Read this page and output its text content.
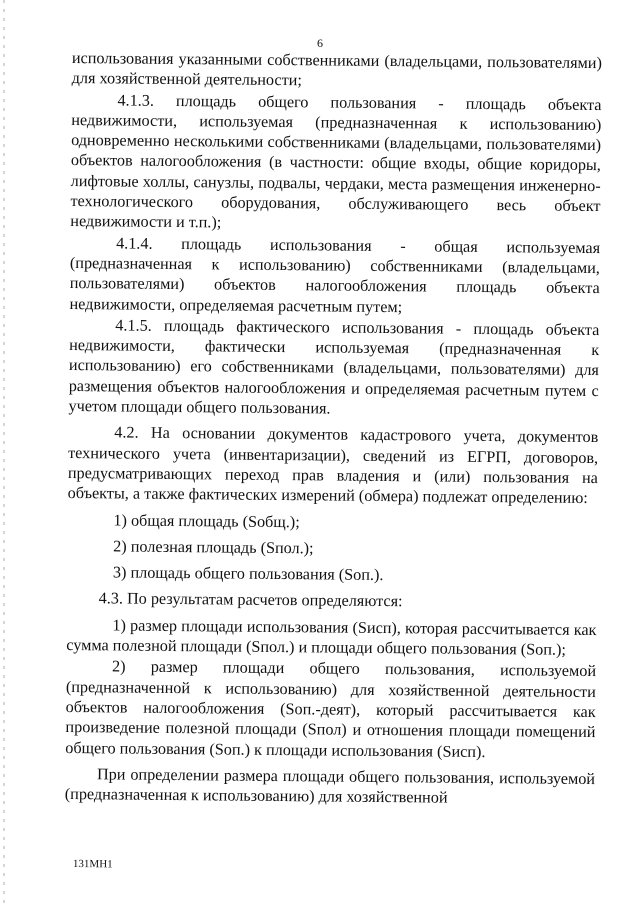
6

использования указанными собственниками (владельцами, пользователями) для хозяйственной деятельности;

4.1.3. площадь общего пользования - площадь объекта недвижимости, используемая (предназначенная к использованию) одновременно несколькими собственниками (владельцами, пользователями) объектов налогообложения (в частности: общие входы, общие коридоры, лифтовые холлы, санузлы, подвалы, чердаки, места размещения инженерно-технологического оборудования, обслуживающего весь объект недвижимости и т.п.);

4.1.4. площадь использования - общая используемая (предназначенная к использованию) собственниками (владельцами, пользователями) объектов налогообложения площадь объекта недвижимости, определяемая расчетным путем;

4.1.5. площадь фактического использования - площадь объекта недвижимости, фактически используемая (предназначенная к использованию) его собственниками (владельцами, пользователями) для размещения объектов налогообложения и определяемая расчетным путем с учетом площади общего пользования.

4.2. На основании документов кадастрового учета, документов технического учета (инвентаризации), сведений из ЕГРП, договоров, предусматривающих переход прав владения и (или) пользования на объекты, а также фактических измерений (обмера) подлежат определению:

1) общая площадь (Sобщ.);

2) полезная площадь (Sпол.);

3) площадь общего пользования (Sоп.).

4.3. По результатам расчетов определяются:

1) размер площади использования (Sисп), которая рассчитывается как сумма полезной площади (Sпол.) и площади общего пользования (Sоп.);

2) размер площади общего пользования, используемой (предназначенной к использованию) для хозяйственной деятельности объектов налогообложения (Sоп.-деят), который рассчитывается как произведение полезной площади (Sпол) и отношения площади помещений общего пользования (Sоп.) к площади использования (Sисп).

При определении размера площади общего пользования, используемой (предназначенная к использованию) для хозяйственной

131МН1
